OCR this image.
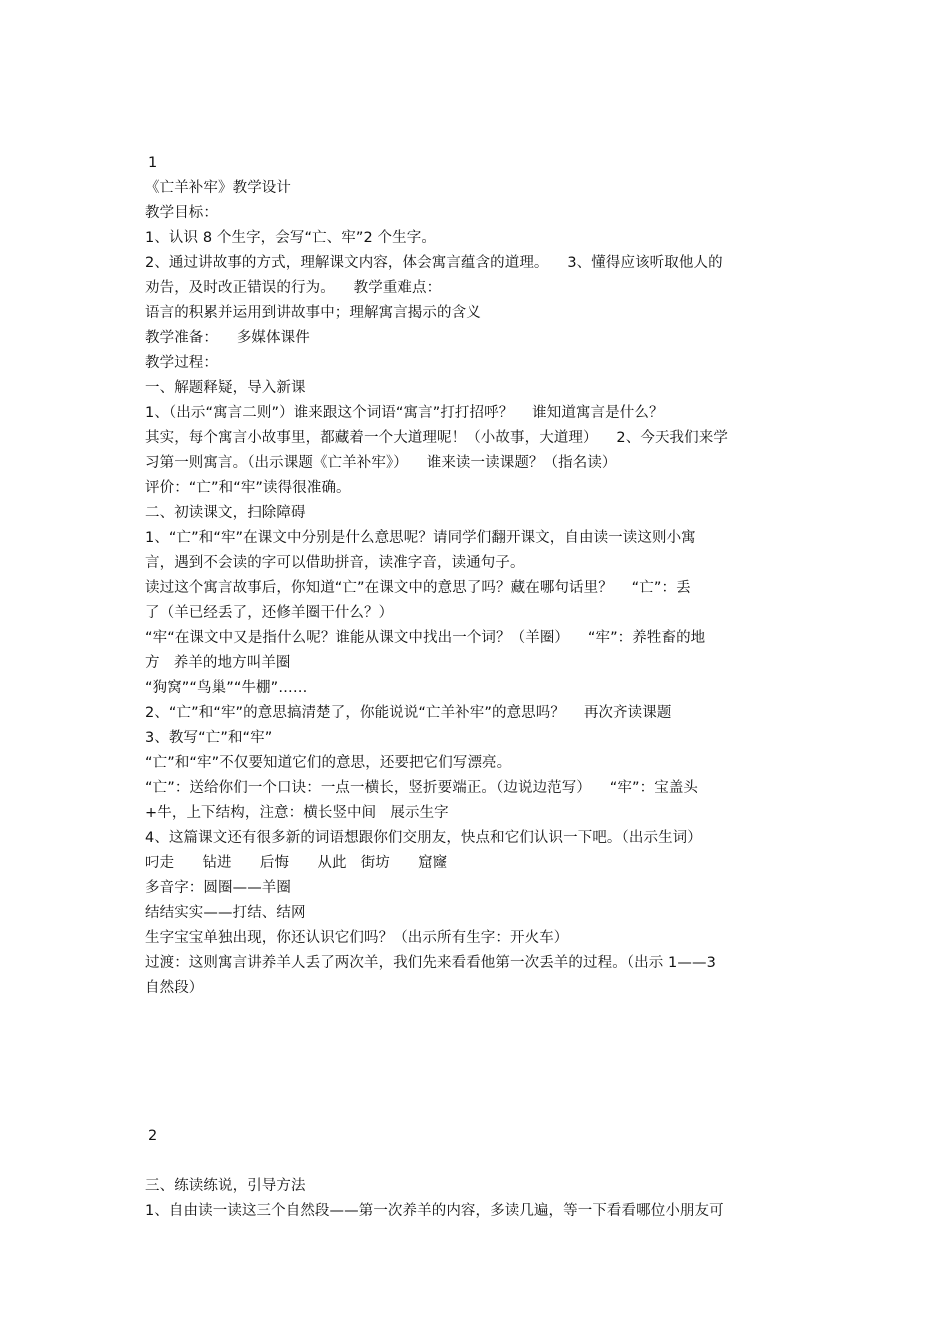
1
《亡羊补牢》教学设计
教学目标：
1、认识 8 个生字，会写“亡、牢”2 个生字。
2、通过讲故事的方式，理解课文内容，体会寓言蕴含的道理。    3、懂得应该听取他人的
劝告，及时改正错误的行为。    教学重难点：
语言的积累并运用到讲故事中；理解寓言揭示的含义
教学准备：    多媒体课件
教学过程：
一、解题释疑，导入新课
1、（出示“寓言二则”）谁来跟这个词语“寓言”打打招呼？    谁知道寓言是什么？
其实，每个寓言小故事里，都藏着一个大道理呢！（小故事，大道理）    2、今天我们来学
习第一则寓言。（出示课题《亡羊补牢》）    谁来读一读课题？（指名读）
评价：“亡”和“牢”读得很准确。
二、初读课文，扫除障碍
1、“亡”和“牢”在课文中分别是什么意思呢？请同学们翻开课文，自由读一读这则小寓
言，遇到不会读的字可以借助拼音，读准字音，读通句子。
读过这个寓言故事后，你知道“亡”在课文中的意思了吗？藏在哪句话里？    “亡”：丢
了（羊已经丢了，还修羊圈干什么？）
“牢“在课文中又是指什么呢？谁能从课文中找出一个词？（羊圈）    “牢”：养牲畜的地
方   养羊的地方叫羊圈
“狗窝”“鸟巢”“牛棚”……
2、“亡”和“牢”的意思搞清楚了，你能说说“亡羊补牢”的意思吗？    再次齐读课题
3、教写“亡”和“牢”
“亡”和“牢”不仅要知道它们的意思，还要把它们写漂亮。
“亡”：送给你们一个口诀：一点一横长，竖折要端正。（边说边范写）    “牢”：宝盖头
+牛，上下结构，注意：横长竖中间   展示生字
4、这篇课文还有很多新的词语想跟你们交朋友，快点和它们认识一下吧。（出示生词）
叼走      钻进      后悔      从此   街坊      窟窿
多音字：圆圈——羊圈
结结实实——打结、结网
生字宝宝单独出现，你还认识它们吗？（出示所有生字：开火车）
过渡：这则寓言讲养羊人丢了两次羊，我们先来看看他第一次丢羊的过程。（出示 1——3
自然段）
2
三、练读练说，引导方法
1、自由读一读这三个自然段——第一次养羊的内容，多读几遍，等一下看看哪位小朋友可
